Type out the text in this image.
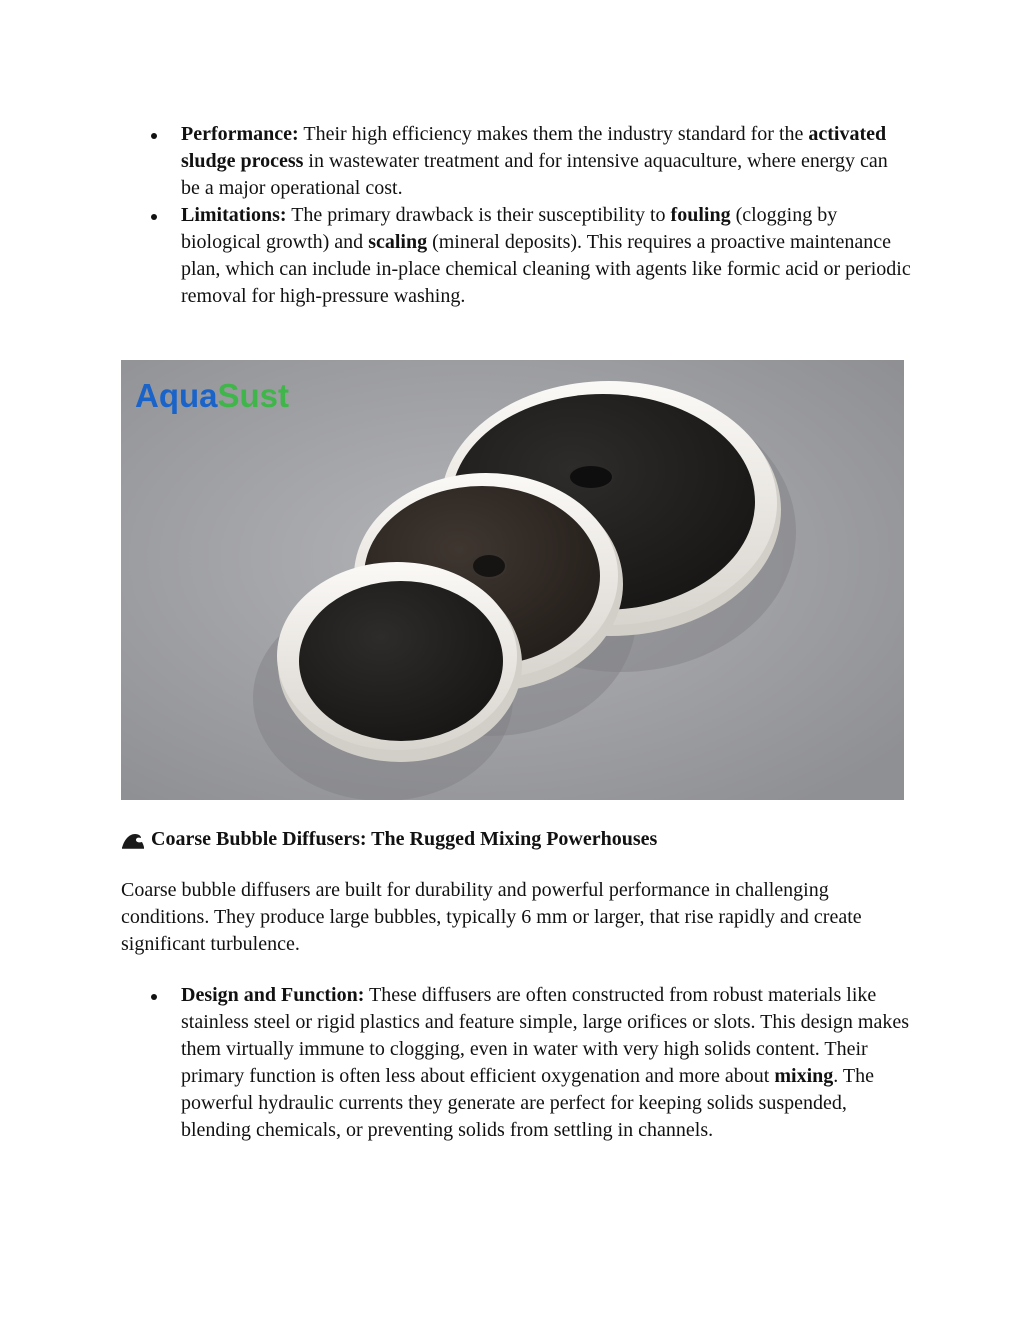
Performance: Their high efficiency makes them the industry standard for the activated sludge process in wastewater treatment and for intensive aquaculture, where energy can be a major operational cost.
Limitations: The primary drawback is their susceptibility to fouling (clogging by biological growth) and scaling (mineral deposits). This requires a proactive maintenance plan, which can include in-place chemical cleaning with agents like formic acid or periodic removal for high-pressure washing.
AquaSust
Coarse Bubble Diffusers: The Rugged Mixing Powerhouses

Coarse bubble diffusers are built for durability and powerful performance in challenging conditions. They produce large bubbles, typically 6 mm or larger, that rise rapidly and create significant turbulence.

Design and Function: These diffusers are often constructed from robust materials like stainless steel or rigid plastics and feature simple, large orifices or slots. This design makes them virtually immune to clogging, even in water with very high solids content. Their primary function is often less about efficient oxygenation and more about mixing. The powerful hydraulic currents they generate are perfect for keeping solids suspended, blending chemicals, or preventing solids from settling in channels.
